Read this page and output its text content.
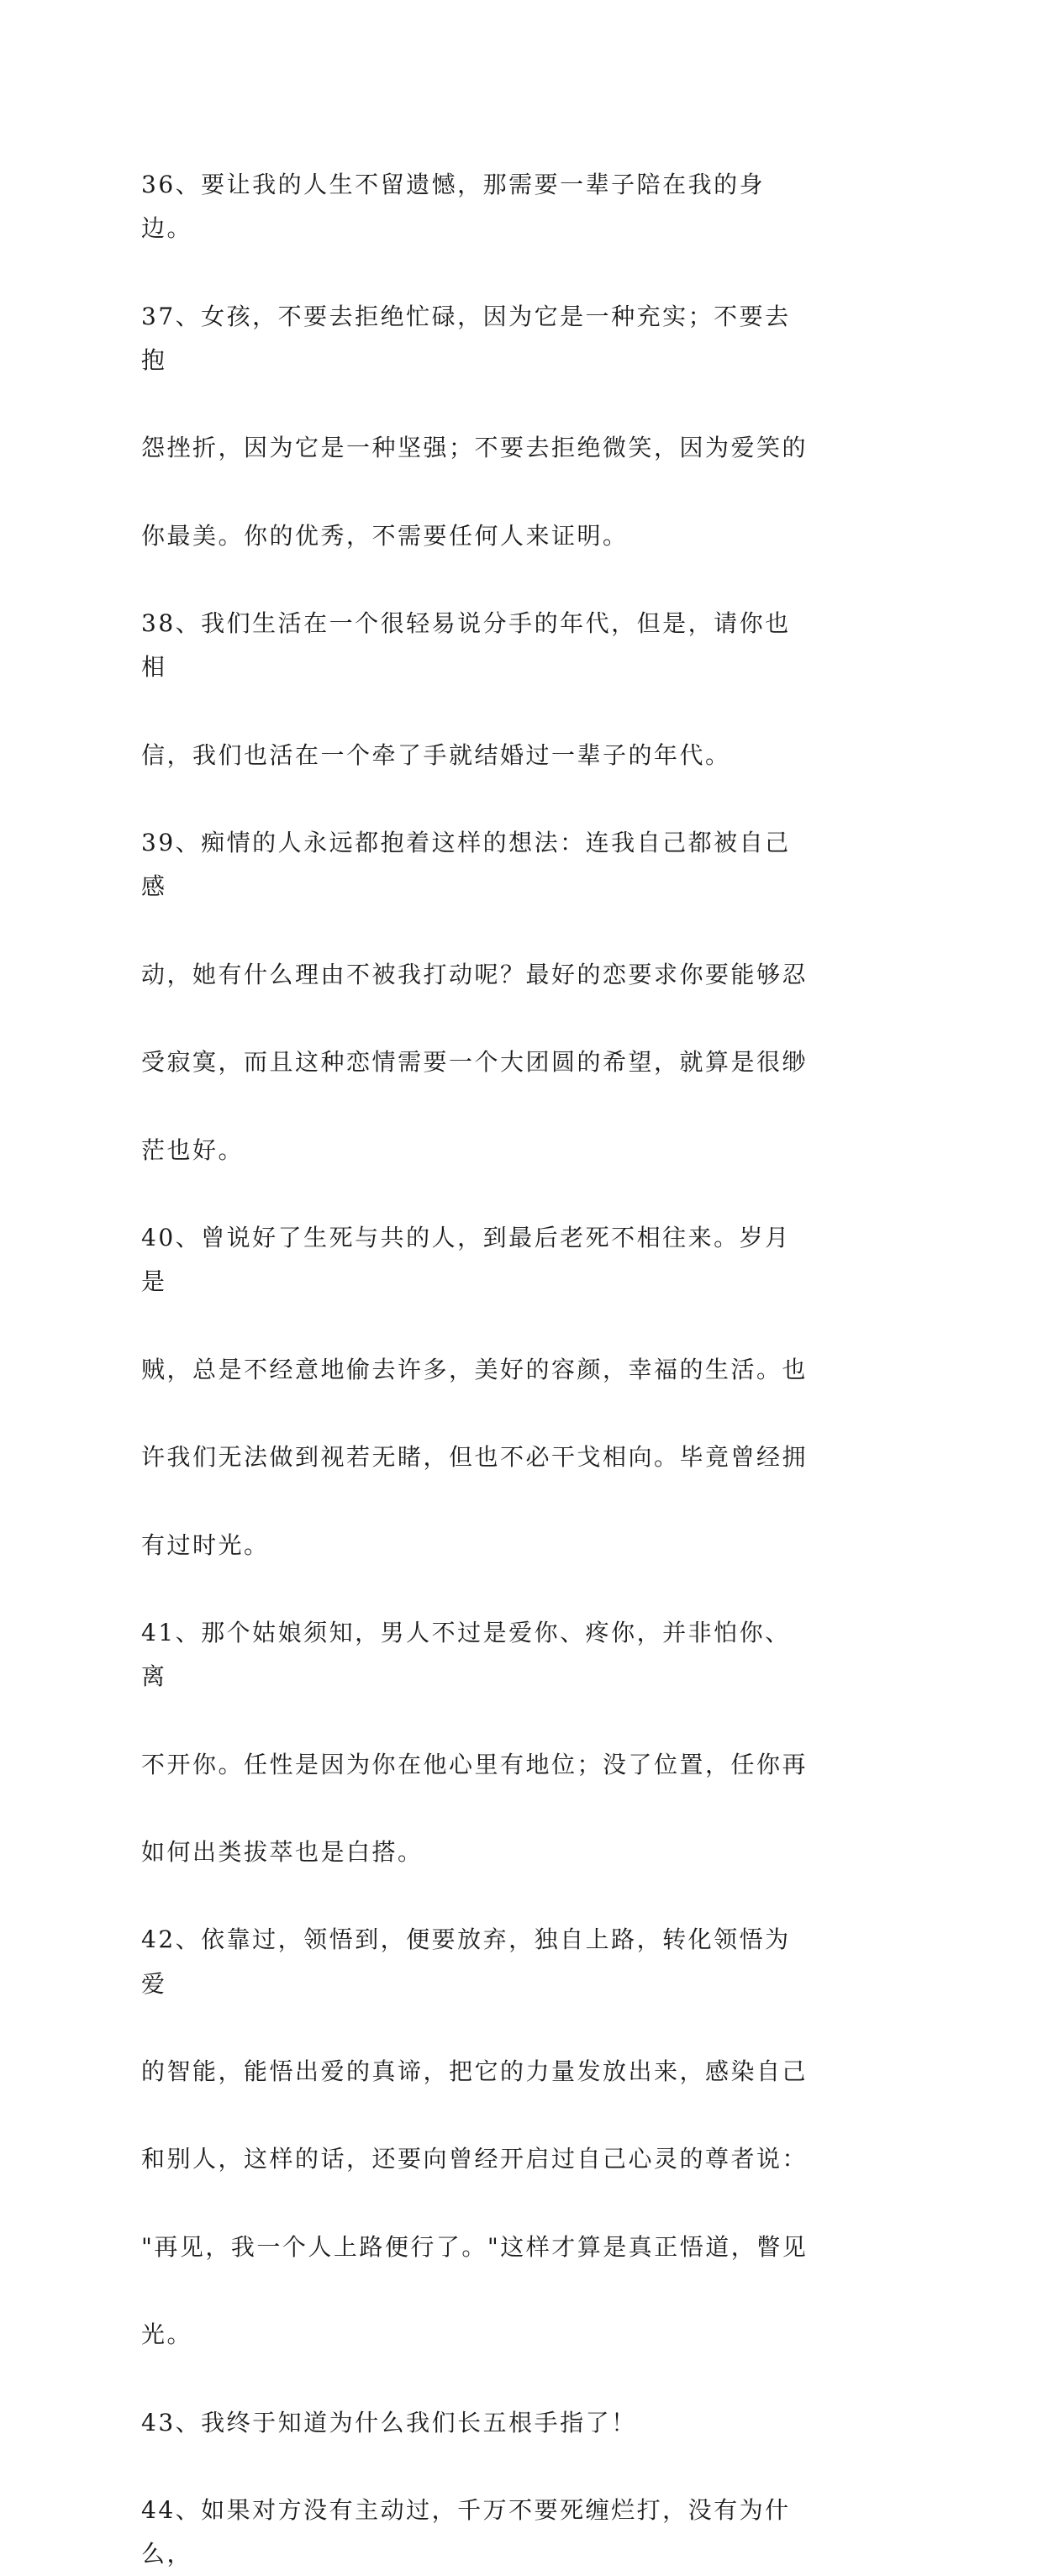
36、要让我的人生不留遗憾，那需要一辈子陪在我的身边。

37、女孩，不要去拒绝忙碌，因为它是一种充实；不要去抱

怨挫折，因为它是一种坚强；不要去拒绝微笑，因为爱笑的

你最美。你的优秀，不需要任何人来证明。

38、我们生活在一个很轻易说分手的年代，但是，请你也相

信，我们也活在一个牵了手就结婚过一辈子的年代。

39、痴情的人永远都抱着这样的想法：连我自己都被自己感

动，她有什么理由不被我打动呢？最好的恋要求你要能够忍

受寂寞，而且这种恋情需要一个大团圆的希望，就算是很缈

茫也好。

40、曾说好了生死与共的人，到最后老死不相往来。岁月是

贼，总是不经意地偷去许多，美好的容颜，幸福的生活。也

许我们无法做到视若无睹，但也不必干戈相向。毕竟曾经拥

有过时光。

41、那个姑娘须知，男人不过是爱你、疼你，并非怕你、离

不开你。任性是因为你在他心里有地位；没了位置，任你再

如何出类拔萃也是白搭。

42、依靠过，领悟到，便要放弃，独自上路，转化领悟为爱

的智能，能悟出爱的真谛，把它的力量发放出来，感染自己

和别人，这样的话，还要向曾经开启过自己心灵的尊者说：

"再见，我一个人上路便行了。"这样才算是真正悟道，瞥见

光。

43、我终于知道为什么我们长五根手指了！

44、如果对方没有主动过，千万不要死缠烂打，没有为什么，
